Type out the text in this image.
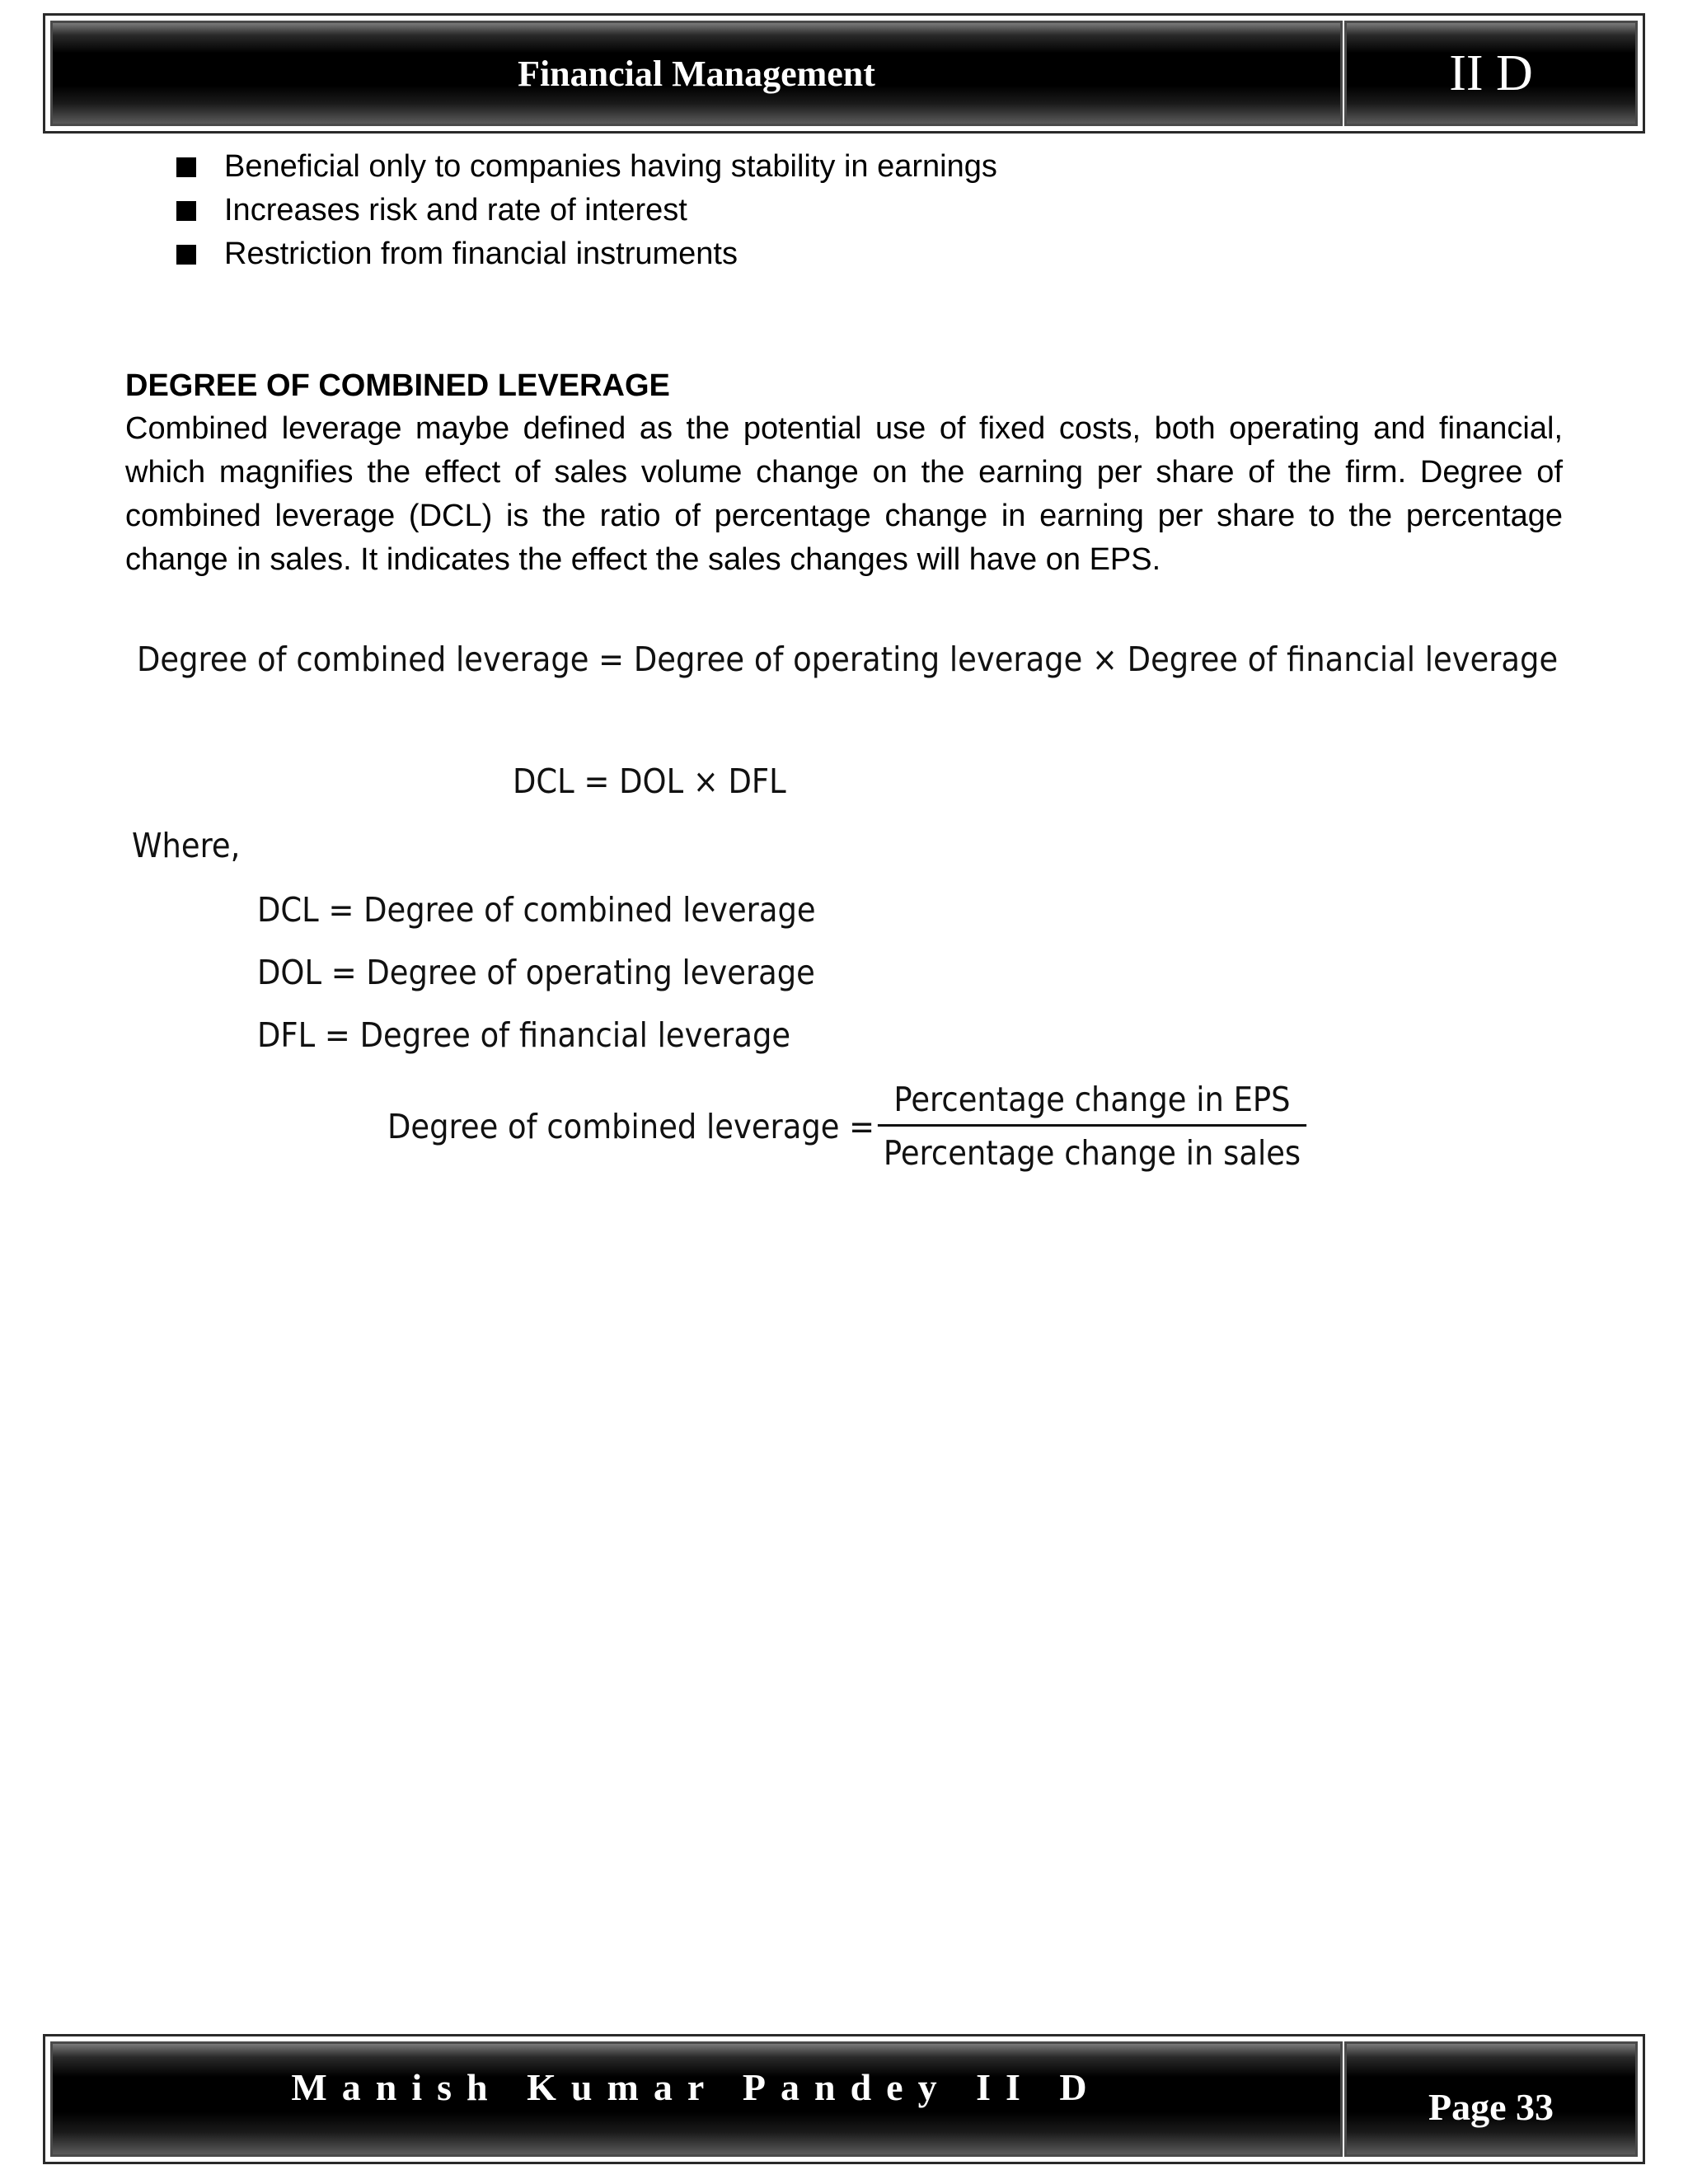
Financial Management	II D
Beneficial only to companies having stability in earnings
Increases risk and rate of interest
Restriction from financial instruments
DEGREE OF COMBINED LEVERAGE

Combined leverage maybe defined as the potential use of fixed costs, both operating and financial, which magnifies the effect of sales volume change on the earning per share of the firm. Degree of combined leverage (DCL) is the ratio of percentage change in earning per share to the percentage change in sales. It indicates the effect the sales changes will have on EPS.

Degree of combined leverage = Degree of operating leverage × Degree of financial leverage
DCL = DOL × DFL
Where,
DCL = Degree of combined leverage
DOL = Degree of operating leverage
DFL = Degree of financial leverage
Degree of combined leverage = $\frac{\text{Percentage change in EPS}}{\text{Percentage change in sales}}$
Manish Kumar Pandey II D	Page 33
